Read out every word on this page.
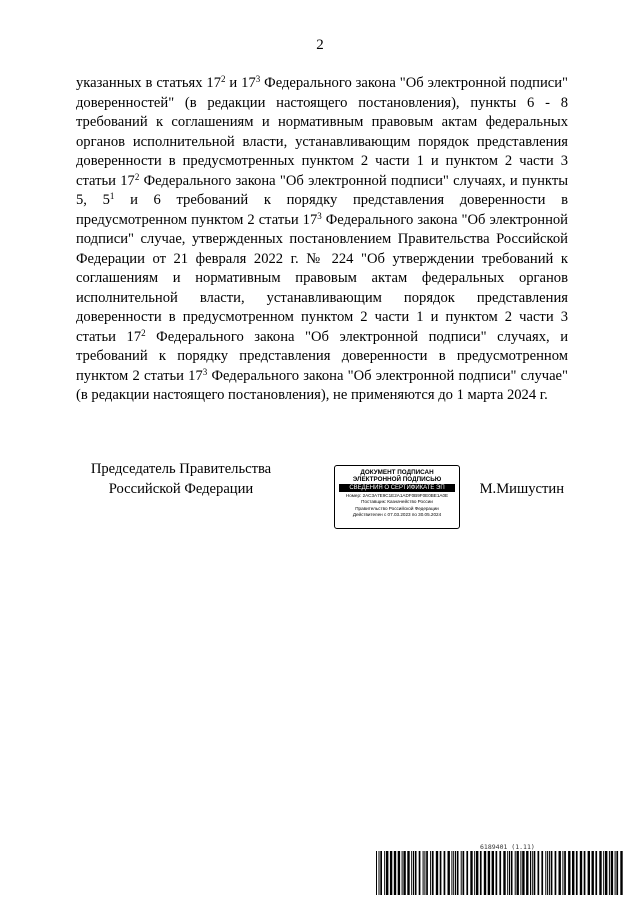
2
указанных в статьях $17^2$ и $17^3$ Федерального закона "Об электронной подписи" доверенностей" (в редакции настоящего постановления), пункты 6 - 8 требований к соглашениям и нормативным правовым актам федеральных органов исполнительной власти, устанавливающим порядок представления доверенности в предусмотренных пунктом 2 части 1 и пунктом 2 части 3 статьи $17^2$ Федерального закона "Об электронной подписи" случаях, и пункты 5, $5^1$ и 6 требований к порядку представления доверенности в предусмотренном пунктом 2 статьи $17^3$ Федерального закона "Об электронной подписи" случае, утвержденных постановлением Правительства Российской Федерации от 21 февраля 2022 г. № 224 "Об утверждении требований к соглашениям и нормативным правовым актам федеральных органов исполнительной власти, устанавливающим порядок представления доверенности в предусмотренном пунктом 2 части 1 и пунктом 2 части 3 статьи $17^2$ Федерального закона "Об электронной подписи" случаях, и требований к порядку представления доверенности в предусмотренном пунктом 2 статьи $17^3$ Федерального закона "Об электронной подписи" случае" (в редакции настоящего постановления), не применяются до 1 марта 2024 г.
Председатель Правительства
Российской Федерации
ДОКУМЕНТ ПОДПИСАН
ЭЛЕКТРОННОЙ ПОДПИСЬЮ
СВЕДЕНИЯ О СЕРТИФИКАТЕ ЭП
Номер: 2AC3A7E9C1E2A1ADF0B9F0E0BE1A0E
Поставщик: Казначейство России
Правительство Российской Федерации
Действителен с 07.03.2023 по 30.05.2024
М.Мишустин
6189401 (1.11)
